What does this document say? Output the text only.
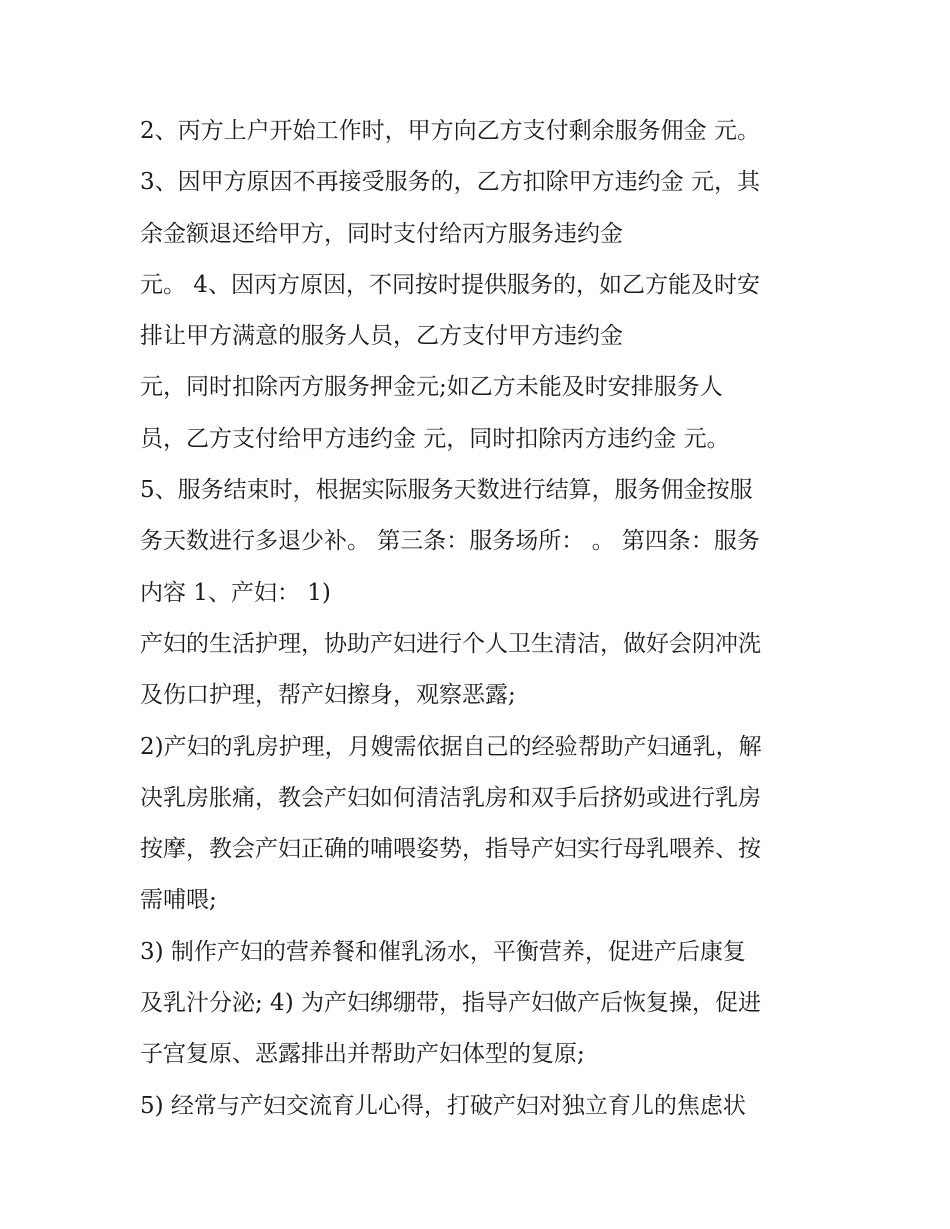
2、丙方上户开始工作时，甲方向乙方支付剩余服务佣金 元。
3、因甲方原因不再接受服务的，乙方扣除甲方违约金 元，其
余金额退还给甲方，同时支付给丙方服务违约金
元。 4、因丙方原因，不同按时提供服务的，如乙方能及时安
排让甲方满意的服务人员，乙方支付甲方违约金
元，同时扣除丙方服务押金元;如乙方未能及时安排服务人
员，乙方支付给甲方违约金 元，同时扣除丙方违约金 元。
5、服务结束时，根据实际服务天数进行结算，服务佣金按服
务天数进行多退少补。 第三条：服务场所： 。 第四条：服务
内容 1、产妇： 1)
产妇的生活护理，协助产妇进行个人卫生清洁，做好会阴冲洗
及伤口护理，帮产妇擦身，观察恶露;
2)产妇的乳房护理，月嫂需依据自己的经验帮助产妇通乳，解
决乳房胀痛，教会产妇如何清洁乳房和双手后挤奶或进行乳房
按摩，教会产妇正确的哺喂姿势，指导产妇实行母乳喂养、按
需哺喂;
3) 制作产妇的营养餐和催乳汤水，平衡营养，促进产后康复
及乳汁分泌; 4) 为产妇绑绷带，指导产妇做产后恢复操，促进
子宫复原、恶露排出并帮助产妇体型的复原;
5) 经常与产妇交流育儿心得，打破产妇对独立育儿的焦虑状
